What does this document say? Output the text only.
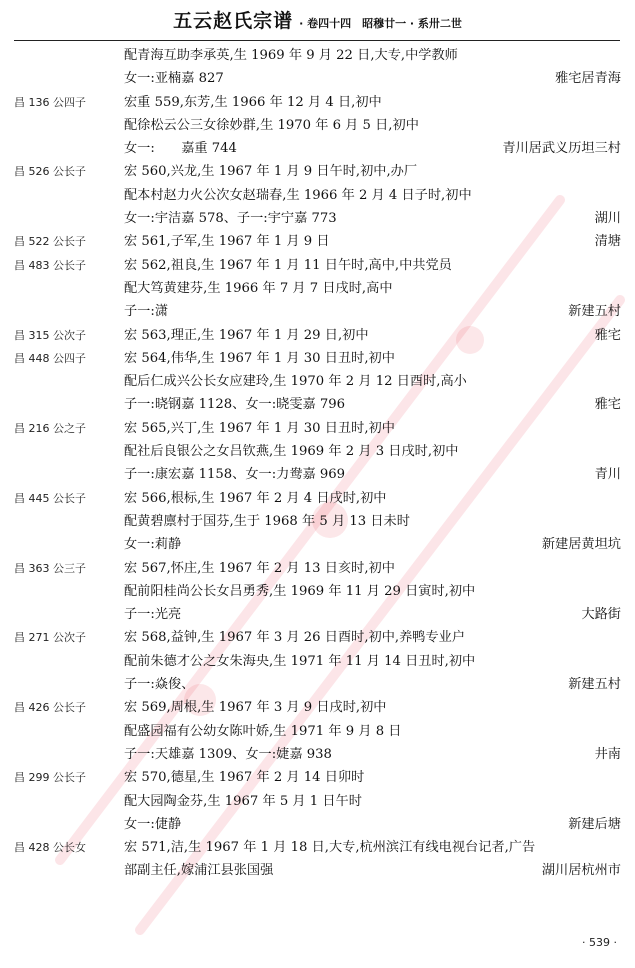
五云赵氏宗谱 · 卷四十四　昭穆廿一 · 系卅二世
配青海互助李承英,生 1969 年 9 月 22 日,大专,中学教师
女一:亚楠嘉 827	雅宅居青海
昌 136 公四子	宏重 559,东芳,生 1966 年 12 月 4 日,初中
配徐松云公三女徐妙群,生 1970 年 6 月 5 日,初中
女一:　　嘉重 744	青川居武义历坦三村
昌 526 公长子	宏 560,兴龙,生 1967 年 1 月 9 日午时,初中,办厂
配本村赵力火公次女赵瑞春,生 1966 年 2 月 4 日子时,初中
女一:宇洁嘉 578、子一:宇宁嘉 773	湖川
昌 522 公长子	宏 561,子军,生 1967 年 1 月 9 日	清塘
昌 483 公长子	宏 562,祖良,生 1967 年 1 月 11 日午时,高中,中共党员
配大笃黄建芬,生 1966 年 7 月 7 日戌时,高中
子一:潇	新建五村
昌 315 公次子	宏 563,理正,生 1967 年 1 月 29 日,初中	雅宅
昌 448 公四子	宏 564,伟华,生 1967 年 1 月 30 日丑时,初中
配后仁成兴公长女应建玲,生 1970 年 2 月 12 日酉时,高小
子一:晓钢嘉 1128、女一:晓雯嘉 796	雅宅
昌 216 公之子	宏 565,兴丁,生 1967 年 1 月 30 日丑时,初中
配社后良银公之女吕钦燕,生 1969 年 2 月 3 日戌时,初中
子一:康宏嘉 1158、女一:力鸯嘉 969	青川
昌 445 公长子	宏 566,根标,生 1967 年 2 月 4 日戌时,初中
配黄碧廪村于国芬,生于 1968 年 5 月 13 日未时
女一:莉静	新建居黄坦坑
昌 363 公三子	宏 567,怀庄,生 1967 年 2 月 13 日亥时,初中
配前阳桂尚公长女吕勇秀,生 1969 年 11 月 29 日寅时,初中
子一:光亮	大路街
昌 271 公次子	宏 568,益钟,生 1967 年 3 月 26 日酉时,初中,养鸭专业户
配前朱德才公之女朱海央,生 1971 年 11 月 14 日丑时,初中
子一:焱俊、	新建五村
昌 426 公长子	宏 569,周根,生 1967 年 3 月 9 日戌时,初中
配盛园福有公幼女陈叶娇,生 1971 年 9 月 8 日
子一:天雄嘉 1309、女一:婕嘉 938	井南
昌 299 公长子	宏 570,德星,生 1967 年 2 月 14 日卯时
配大园陶金芬,生 1967 年 5 月 1 日午时
女一:倢静	新建后塘
昌 428 公长女	宏 571,洁,生 1967 年 1 月 18 日,大专,杭州滨江有线电视台记者,广告
部副主任,嫁浦江县张国强	湖川居杭州市
· 539 ·
